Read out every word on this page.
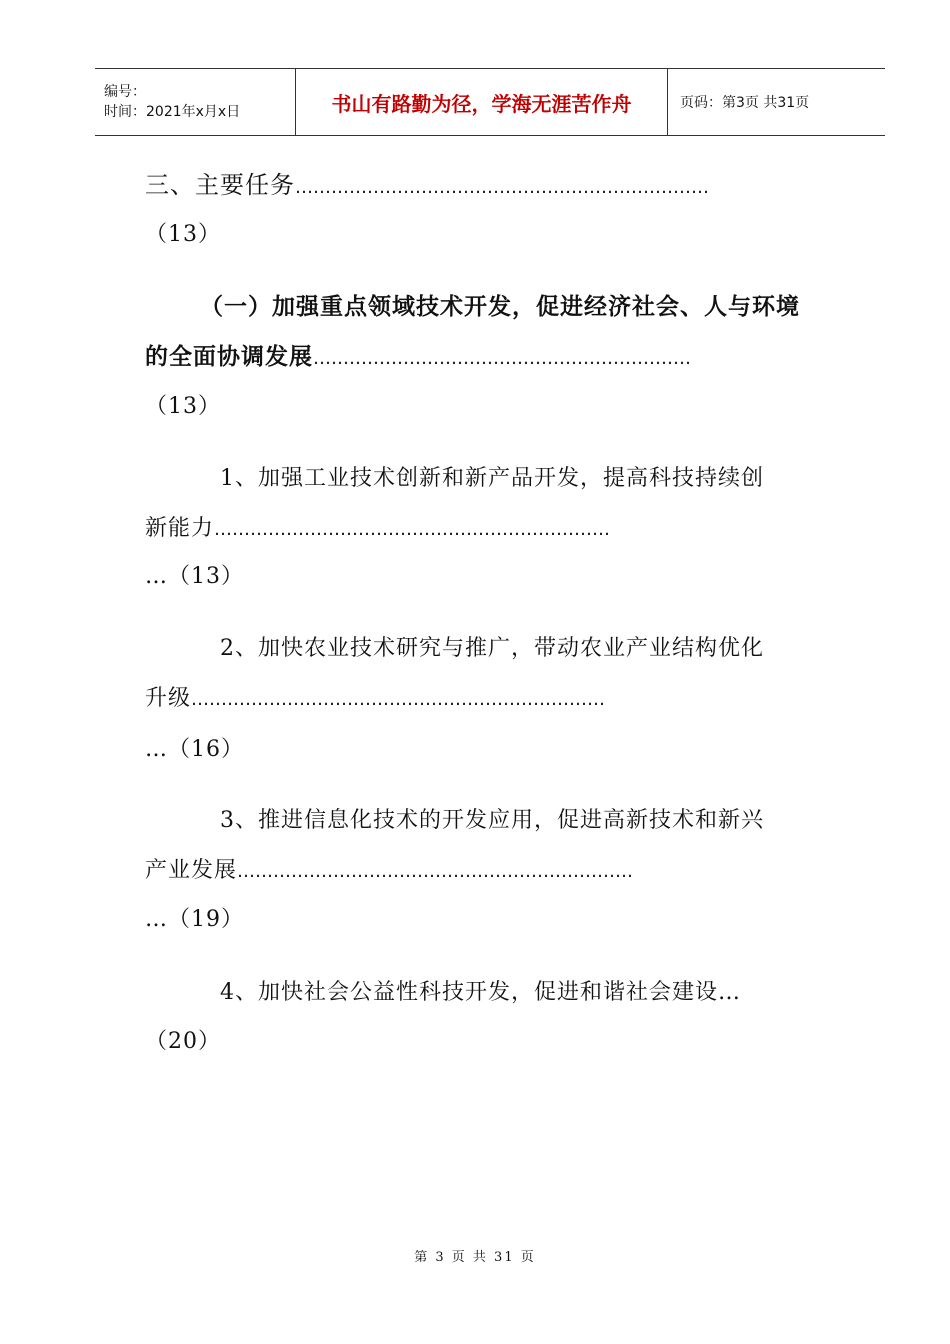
编号：
时间：2021年x月x日	书山有路勤为径，学海无涯苦作舟	页码：第3页 共31页
三、主要任务……………………………………………………………
（13）
（一）加强重点领域技术开发，促进经济社会、人与环境
的全面协调发展………………………………………………………
（13）
1、加强工业技术创新和新产品开发，提高科技持续创
新能力…………………………………………………………
…（13）
2、加快农业技术研究与推广，带动农业产业结构优化
升级……………………………………………………………
…（16）
3、推进信息化技术的开发应用，促进高新技术和新兴
产业发展…………………………………………………………
…（19）
4、加快社会公益性科技开发，促进和谐社会建设…
（20）
第 3 页 共 31 页
